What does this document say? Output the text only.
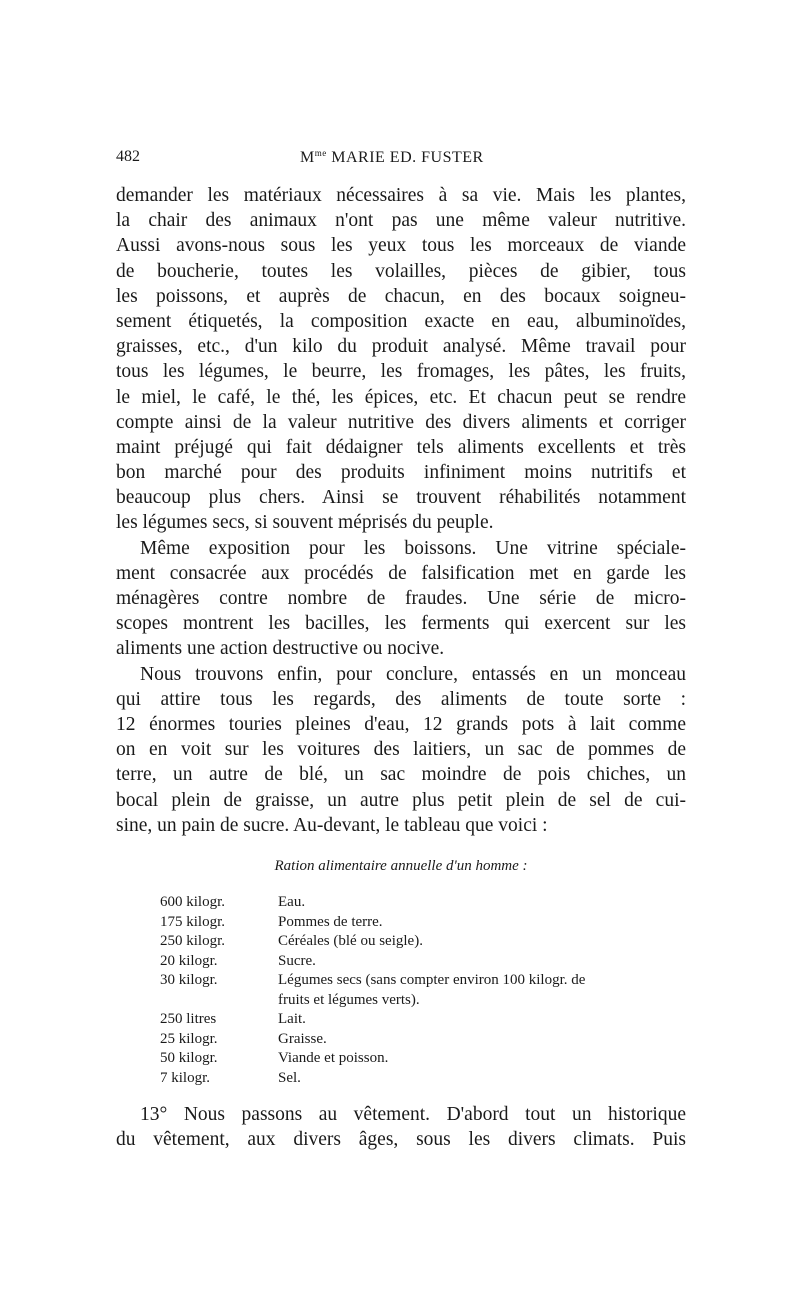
482	$M^{me}$ MARIE ED. FUSTER
demander les matériaux nécessaires à sa vie. Mais les plantes,
la chair des animaux n'ont pas une même valeur nutritive.
Aussi avons-nous sous les yeux tous les morceaux de viande
de boucherie, toutes les volailles, pièces de gibier, tous
les poissons, et auprès de chacun, en des bocaux soigneu-
sement étiquetés, la composition exacte en eau, albuminoïdes,
graisses, etc., d'un kilo du produit analysé. Même travail pour
tous les légumes, le beurre, les fromages, les pâtes, les fruits,
le miel, le café, le thé, les épices, etc. Et chacun peut se rendre
compte ainsi de la valeur nutritive des divers aliments et corriger
maint préjugé qui fait dédaigner tels aliments excellents et très
bon marché pour des produits infiniment moins nutritifs et
beaucoup plus chers. Ainsi se trouvent réhabilités notamment
les légumes secs, si souvent méprisés du peuple.
Même exposition pour les boissons. Une vitrine spéciale-
ment consacrée aux procédés de falsification met en garde les
ménagères contre nombre de fraudes. Une série de micro-
scopes montrent les bacilles, les ferments qui exercent sur les
aliments une action destructive ou nocive.
Nous trouvons enfin, pour conclure, entassés en un monceau
qui attire tous les regards, des aliments de toute sorte :
12 énormes touries pleines d'eau, 12 grands pots à lait comme
on en voit sur les voitures des laitiers, un sac de pommes de
terre, un autre de blé, un sac moindre de pois chiches, un
bocal plein de graisse, un autre plus petit plein de sel de cui-
sine, un pain de sucre. Au-devant, le tableau que voici :
Ration alimentaire annuelle d'un homme :
600 kilogr.	Eau.
175 kilogr.	Pommes de terre.
250 kilogr.	Céréales (blé ou seigle).
20 kilogr.	Sucre.
30 kilogr.	Légumes secs (sans compter environ 100 kilogr. de
fruits et légumes verts).
250 litres	Lait.
25 kilogr.	Graisse.
50 kilogr.	Viande et poisson.
7 kilogr.	Sel.
13° Nous passons au vêtement. D'abord tout un historique
du vêtement, aux divers âges, sous les divers climats. Puis
